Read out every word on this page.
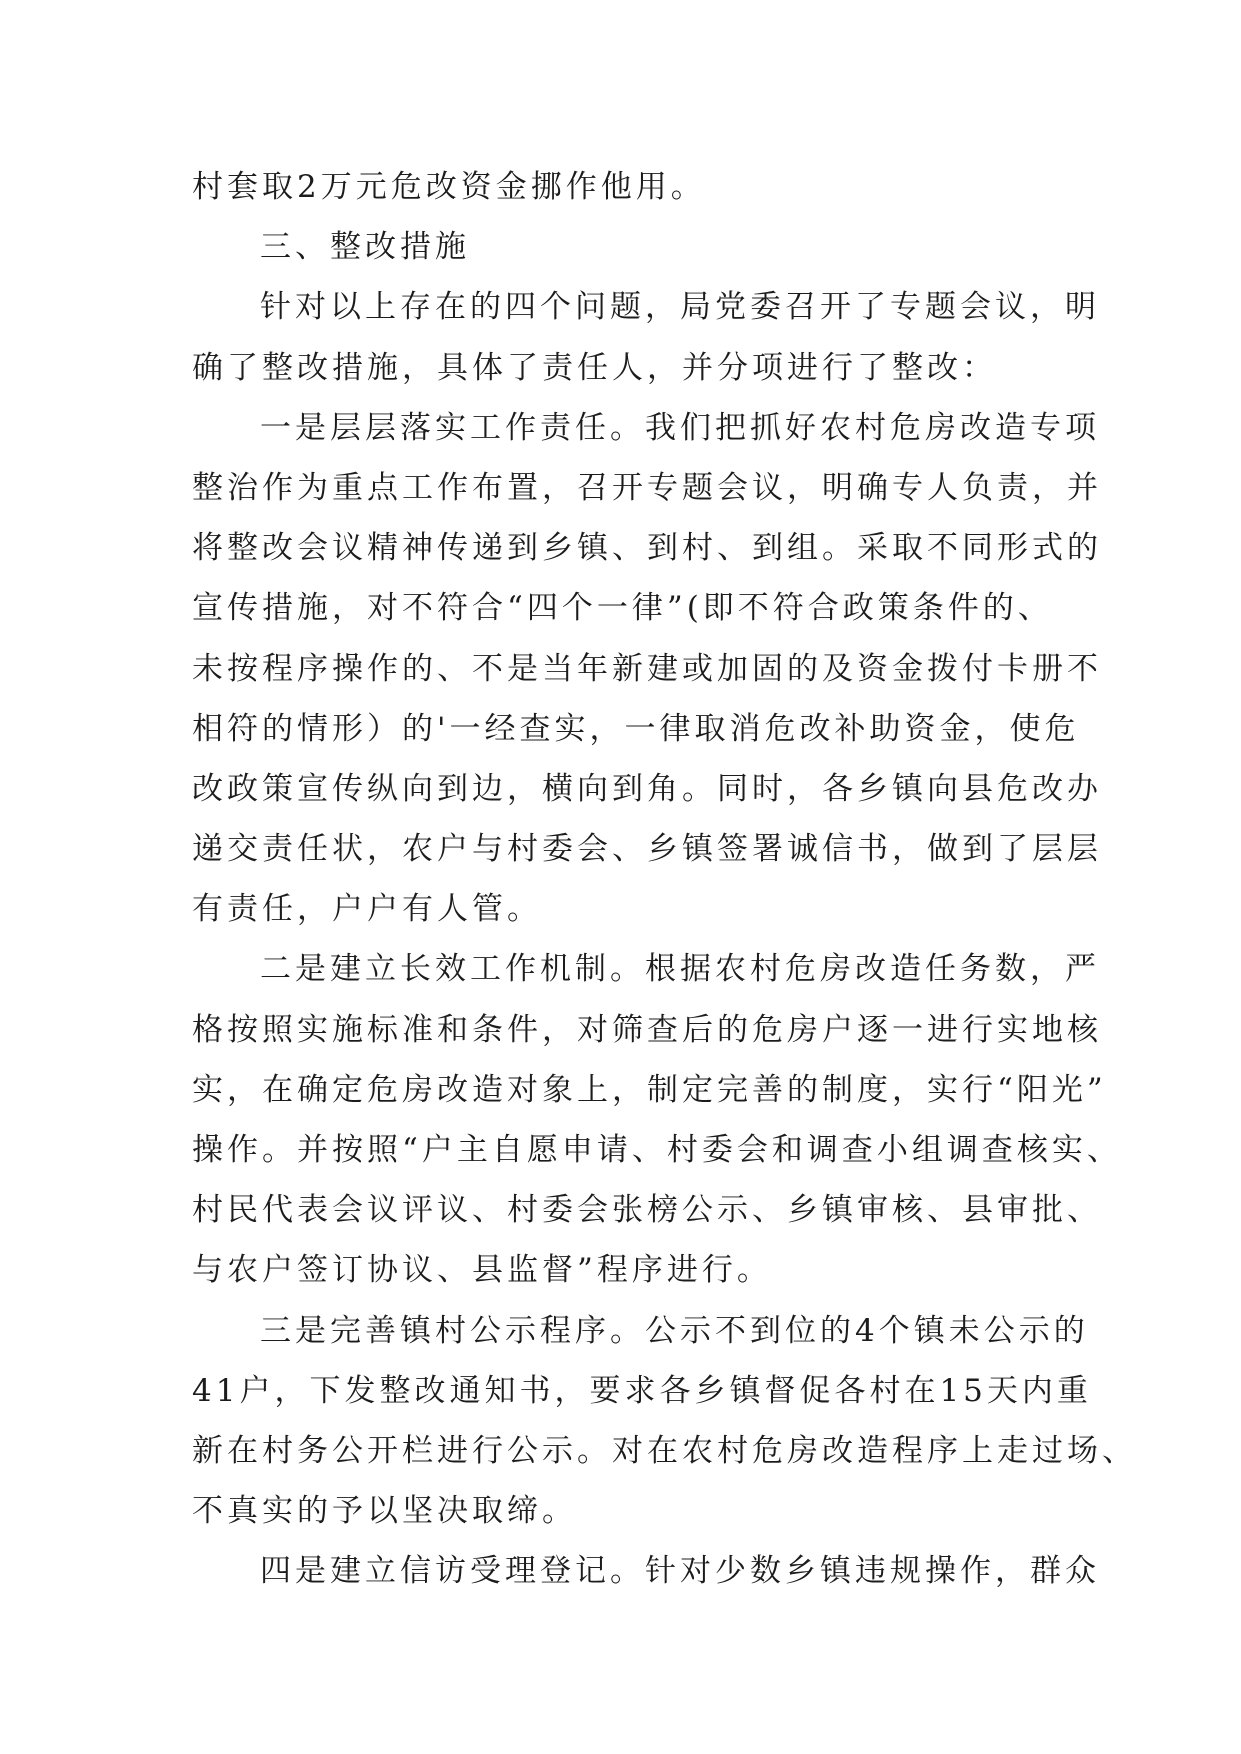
村套取2万元危改资金挪作他用。
三、整改措施
针对以上存在的四个问题，局党委召开了专题会议，明
确了整改措施，具体了责任人，并分项进行了整改：
一是层层落实工作责任。我们把抓好农村危房改造专项
整治作为重点工作布置，召开专题会议，明确专人负责，并
将整改会议精神传递到乡镇、到村、到组。采取不同形式的
宣传措施，对不符合“四个一律”(即不符合政策条件的、
未按程序操作的、不是当年新建或加固的及资金拨付卡册不
相符的情形）的'一经查实，一律取消危改补助资金，使危
改政策宣传纵向到边，横向到角。同时，各乡镇向县危改办
递交责任状，农户与村委会、乡镇签署诚信书，做到了层层
有责任，户户有人管。
二是建立长效工作机制。根据农村危房改造任务数，严
格按照实施标准和条件，对筛查后的危房户逐一进行实地核
实，在确定危房改造对象上，制定完善的制度，实行“阳光”
操作。并按照“户主自愿申请、村委会和调查小组调查核实、
村民代表会议评议、村委会张榜公示、乡镇审核、县审批、
与农户签订协议、县监督”程序进行。
三是完善镇村公示程序。公示不到位的4个镇未公示的
41户，下发整改通知书，要求各乡镇督促各村在15天内重
新在村务公开栏进行公示。对在农村危房改造程序上走过场、
不真实的予以坚决取缔。
四是建立信访受理登记。针对少数乡镇违规操作，群众
